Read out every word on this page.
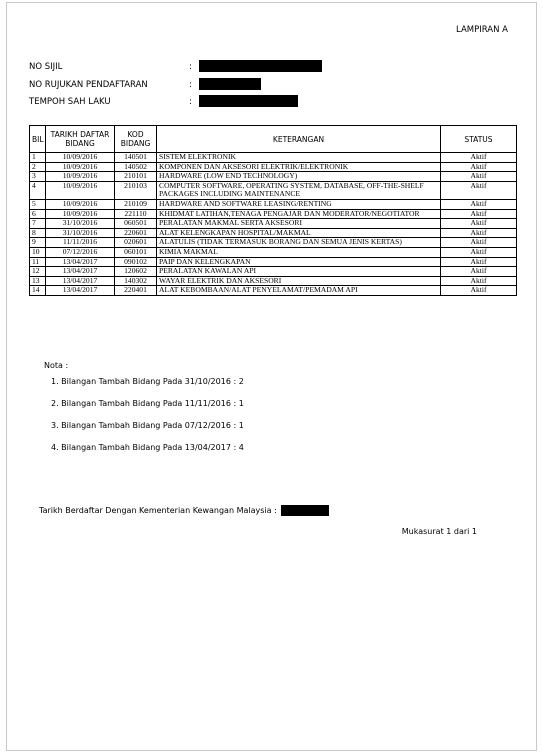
LAMPIRAN A
NO SIJIL	:
NO RUJUKAN PENDAFTARAN	:
TEMPOH SAH LAKU	:
BIL	TARIKH DAFTAR BIDANG	KOD BIDANG	KETERANGAN	STATUS
1	10/09/2016	140501	SISTEM ELEKTRONIK	Aktif
2	10/09/2016	140502	KOMPONEN DAN AKSESORI ELEKTRIK/ELEKTRONIK	Aktif
3	10/09/2016	210101	HARDWARE (LOW END TECHNOLOGY)	Aktif
4	10/09/2016	210103	COMPUTER SOFTWARE, OPERATING SYSTEM, DATABASE, OFF-THE-SHELF PACKAGES INCLUDING MAINTENANCE	Aktif
5	10/09/2016	210109	HARDWARE AND SOFTWARE LEASING/RENTING	Aktif
6	10/09/2016	221110	KHIDMAT LATIHAN,TENAGA PENGAJAR DAN MODERATOR/NEGOTIATOR	Aktif
7	31/10/2016	060501	PERALATAN MAKMAL SERTA AKSESORI	Aktif
8	31/10/2016	220601	ALAT KELENGKAPAN HOSPITAL/MAKMAL	Aktif
9	11/11/2016	020601	ALATULIS (TIDAK TERMASUK BORANG DAN SEMUA JENIS KERTAS)	Aktif
10	07/12/2016	060101	KIMIA MAKMAL	Aktif
11	13/04/2017	090102	PAIP DAN KELENGKAPAN	Aktif
12	13/04/2017	120602	PERALATAN KAWALAN API	Aktif
13	13/04/2017	140302	WAYAR ELEKTRIK DAN AKSESORI	Aktif
14	13/04/2017	220401	ALAT KEBOMBAAN/ALAT PENYELAMAT/PEMADAM API	Aktif
Nota :
1. Bilangan Tambah Bidang Pada 31/10/2016 : 2
2. Bilangan Tambah Bidang Pada 11/11/2016 : 1
3. Bilangan Tambah Bidang Pada 07/12/2016 : 1
4. Bilangan Tambah Bidang Pada 13/04/2017 : 4
Tarikh Berdaftar Dengan Kementerian Kewangan Malaysia :
Mukasurat 1 dari 1
